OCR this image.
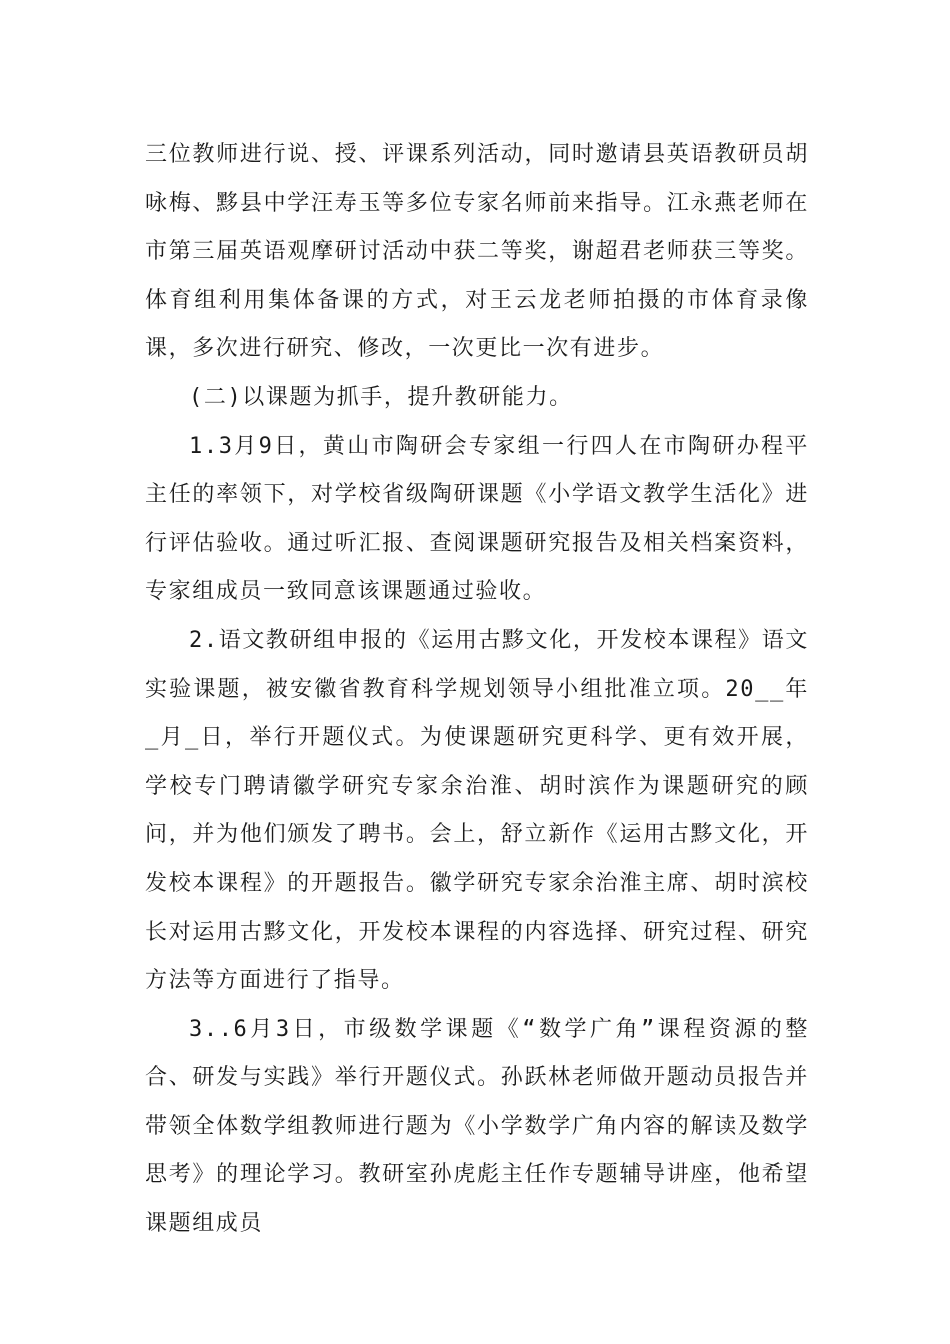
三位教师进行说、授、评课系列活动，同时邀请县英语教研员胡咏梅、黟县中学汪寿玉等多位专家名师前来指导。江永燕老师在市第三届英语观摩研讨活动中获二等奖，谢超君老师获三等奖。体育组利用集体备课的方式，对王云龙老师拍摄的市体育录像课，多次进行研究、修改，一次更比一次有进步。

(二)以课题为抓手，提升教研能力。

1.3月9日，黄山市陶研会专家组一行四人在市陶研办程平主任的率领下，对学校省级陶研课题《小学语文教学生活化》进行评估验收。通过听汇报、查阅课题研究报告及相关档案资料，专家组成员一致同意该课题通过验收。

2.语文教研组申报的《运用古黟文化，开发校本课程》语文实验课题，被安徽省教育科学规划领导小组批准立项。20__年_月_日，举行开题仪式。为使课题研究更科学、更有效开展，学校专门聘请徽学研究专家余治淮、胡时滨作为课题研究的顾问，并为他们颁发了聘书。会上，舒立新作《运用古黟文化，开发校本课程》的开题报告。徽学研究专家余治淮主席、胡时滨校长对运用古黟文化，开发校本课程的内容选择、研究过程、研究方法等方面进行了指导。

3..6月3日，市级数学课题《“数学广角”课程资源的整合、研发与实践》举行开题仪式。孙跃林老师做开题动员报告并带领全体数学组教师进行题为《小学数学广角内容的解读及数学思考》的理论学习。教研室孙虎彪主任作专题辅导讲座，他希望课题组成员
